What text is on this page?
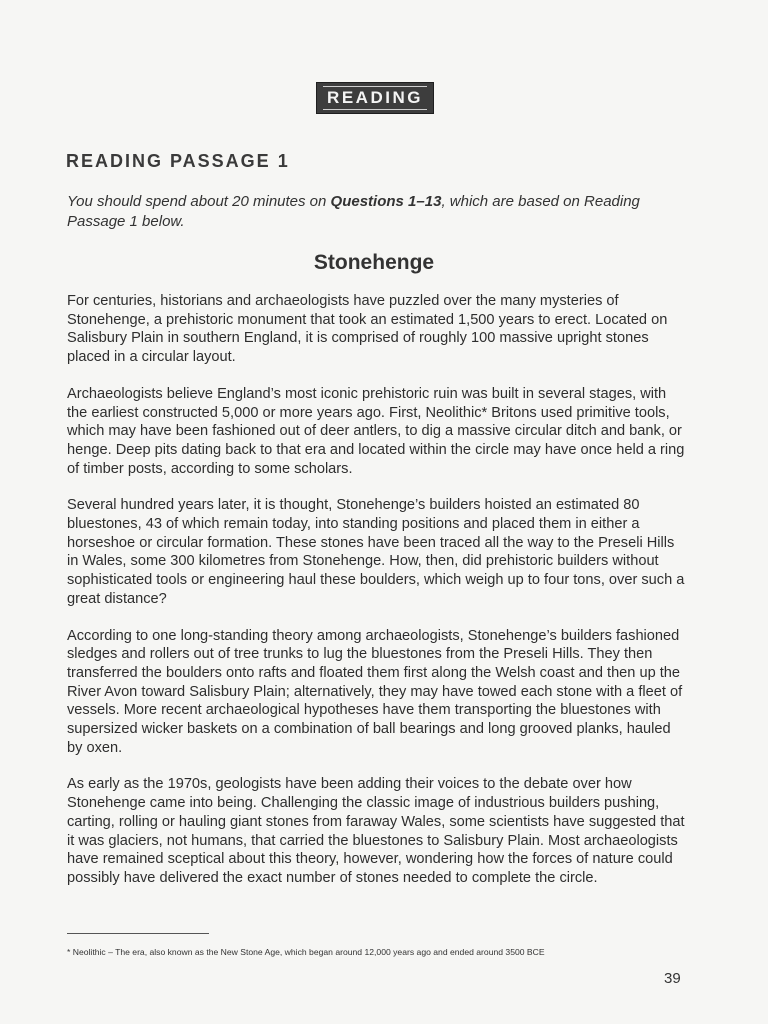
READING
READING PASSAGE 1

You should spend about 20 minutes on Questions 1–13, which are based on Reading Passage 1 below.

Stonehenge

For centuries, historians and archaeologists have puzzled over the many mysteries of Stonehenge, a prehistoric monument that took an estimated 1,500 years to erect. Located on Salisbury Plain in southern England, it is comprised of roughly 100 massive upright stones placed in a circular layout.

Archaeologists believe England’s most iconic prehistoric ruin was built in several stages, with the earliest constructed 5,000 or more years ago. First, Neolithic* Britons used primitive tools, which may have been fashioned out of deer antlers, to dig a massive circular ditch and bank, or henge. Deep pits dating back to that era and located within the circle may have once held a ring of timber posts, according to some scholars.

Several hundred years later, it is thought, Stonehenge’s builders hoisted an estimated 80 bluestones, 43 of which remain today, into standing positions and placed them in either a horseshoe or circular formation. These stones have been traced all the way to the Preseli Hills in Wales, some 300 kilometres from Stonehenge. How, then, did prehistoric builders without sophisticated tools or engineering haul these boulders, which weigh up to four tons, over such a great distance?

According to one long-standing theory among archaeologists, Stonehenge’s builders fashioned sledges and rollers out of tree trunks to lug the bluestones from the Preseli Hills. They then transferred the boulders onto rafts and floated them first along the Welsh coast and then up the River Avon toward Salisbury Plain; alternatively, they may have towed each stone with a fleet of vessels. More recent archaeological hypotheses have them transporting the bluestones with supersized wicker baskets on a combination of ball bearings and long grooved planks, hauled by oxen.

As early as the 1970s, geologists have been adding their voices to the debate over how Stonehenge came into being. Challenging the classic image of industrious builders pushing, carting, rolling or hauling giant stones from faraway Wales, some scientists have suggested that it was glaciers, not humans, that carried the bluestones to Salisbury Plain. Most archaeologists have remained sceptical about this theory, however, wondering how the forces of nature could possibly have delivered the exact number of stones needed to complete the circle.

* Neolithic – The era, also known as the New Stone Age, which began around 12,000 years ago and ended around 3500 BCE
39
